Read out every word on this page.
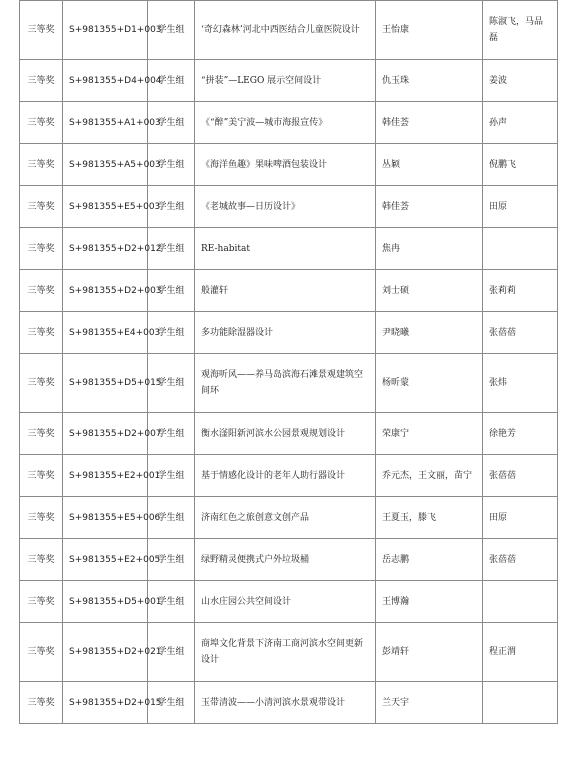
三等奖	S+981355+D1+003	学生组	‘奇幻森林’河北中西医结合儿童医院设计	王怡康	陈淑飞，马品磊
三等奖	S+981355+D4+004	学生组	“拼装”—LEGO 展示空间设计	仇玉珠	姜波
三等奖	S+981355+A1+003	学生组	《“醉”美宁波—城市海报宣传》	韩佳荟	孙声
三等奖	S+981355+A5+003	学生组	《海洋鱼趣》果味啤酒包装设计	丛颖	倪鹏飞
三等奖	S+981355+E5+003	学生组	《老城故事—日历设计》	韩佳荟	田原
三等奖	S+981355+D2+012	学生组	RE-habitat	焦冉	
三等奖	S+981355+D2+003	学生组	般灌轩	刘士硕	张莉莉
三等奖	S+981355+E4+003	学生组	多功能除湿器设计	尹晓曦	张蓓蓓
三等奖	S+981355+D5+015	学生组	观海听风——养马岛滨海石滩景观建筑空间环	杨昕蒙	张炜
三等奖	S+981355+D2+007	学生组	衡水滏阳新河滨水公园景观规划设计	荣康宁	徐艳芳
三等奖	S+981355+E2+001	学生组	基于情感化设计的老年人助行器设计	乔元杰，王文丽，苗宁	张蓓蓓
三等奖	S+981355+E5+006	学生组	济南红色之旅创意文创产品	王夏玉，滕飞	田原
三等奖	S+981355+E2+005	学生组	绿野精灵便携式户外垃圾桶	岳志鹏	张蓓蓓
三等奖	S+981355+D5+001	学生组	山水庄园公共空间设计	王博瀚	
三等奖	S+981355+D2+021	学生组	商埠文化背景下济南工商河滨水空间更新设计	彭靖轩	程正渭
三等奖	S+981355+D2+015	学生组	玉带清波——小清河滨水景观带设计	兰天宇	
